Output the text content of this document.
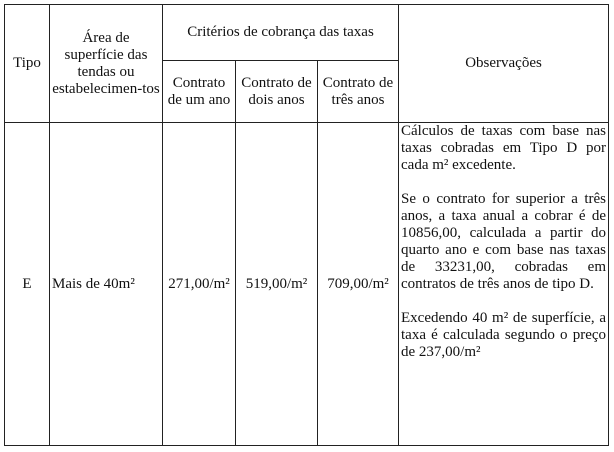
Tipo	Área de superfície das tendas ou estabelecimen-tos	Critérios de cobrança das taxas			Observações
		Contrato de um ano	Contrato de dois anos	Contrato de três anos	
E	Mais de 40m²	271,00/m²	519,00/m²	709,00/m²	Cálculos de taxas com base nas taxas cobradas em Tipo D por cada m² excedente.

Se o contrato for superior a três anos, a taxa anual a cobrar é de 10856,00, calculada a partir do quarto ano e com base nas taxas de 33231,00, cobradas em contratos de três anos de tipo D.

Excedendo 40 m² de superfície, a taxa é calculada segundo o preço de 237,00/m²
